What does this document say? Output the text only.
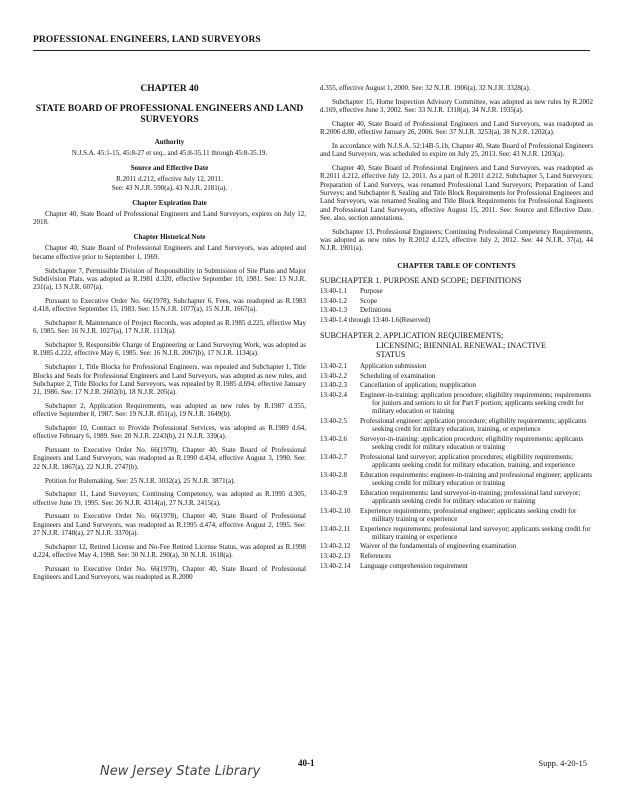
PROFESSIONAL ENGINEERS, LAND SURVEYORS
CHAPTER 40
STATE BOARD OF PROFESSIONAL ENGINEERS AND LAND SURVEYORS
Authority

N.J.S.A. 45:1-15, 45:8-27 et seq., and 45:8-35.11 through 45:8-35.19.

Source and Effective Date

R.2011 d.212, effective July 12, 2011.

See: 43 N.J.R. 590(a), 43 N.J.R. 2181(a).

Chapter Expiration Date

Chapter 40, State Board of Professional Engineers and Land Surveyors, expires on July 12, 2018.

Chapter Historical Note

Chapter 40, State Board of Professional Engineers and Land Surveyors, was adopted and became effective prior to September 1, 1969.

Subchapter 7, Permissible Division of Responsibility in Submission of Site Plans and Major Subdivision Plats, was adopted as R.1981 d.320, effective September 10, 1981. See: 13 N.J.R. 231(a), 13 N.J.R. 607(a).

Pursuant to Executive Order No. 66(1978), Subchapter 6, Fees, was readopted as R.1983 d.418, effective September 15, 1983. See: 15 N.J.R. 1077(a), 15 N.J.R. 1667(a).

Subchapter 8, Maintenance of Project Records, was adopted as R.1985 d.225, effective May 6, 1985. See: 16 N.J.R. 1027(a), 17 N.J.R. 1113(a).

Subchapter 9, Responsible Charge of Engineering or Land Surveying Work, was adopted as R.1985 d.222, effective May 6, 1985. See: 16 N.J.R. 2067(b), 17 N.J.R. 1134(a).

Subchapter 1, Title Blocks for Professional Engineers, was repealed and Subchapter 1, Title Blocks and Seals for Professional Engineers and Land Surveyors, was adopted as new rules, and Subchapter 2, Title Blocks for Land Surveyors, was repealed by R.1985 d.694, effective January 21, 1986. See: 17 N.J.R. 2602(b), 18 N.J.R. 205(a).

Subchapter 2, Application Requirements, was adopted as new rules by R.1987 d.355, effective September 8, 1987. See: 19 N.J.R. 851(a), 19 N.J.R. 1649(b).

Subchapter 10, Contract to Provide Professional Services, was adopted as R.1989 d.64, effective February 6, 1989. See: 20 N.J.R. 2243(b), 21 N.J.R. 339(a).

Pursuant to Executive Order No. 66(1978), Chapter 40, State Board of Professional Engineers and Land Surveyors, was readopted as R.1990 d.434, effective August 3, 1990. See: 22 N.J.R. 1867(a), 22 N.J.R. 2747(b).

Petition for Rulemaking. See: 25 N.J.R. 3032(a), 25 N.J.R. 3871(a).

Subchapter 11, Land Surveyors; Continuing Competency, was adopted as R.1995 d.305, effective June 19, 1995. See: 26 N.J.R. 4314(a), 27 N.J.R. 2415(a).

Pursuant to Executive Order No. 66(1978), Chapter 40, State Board of Professional Engineers and Land Surveyors, was readopted as R.1995 d.474, effective August 2, 1995. See: 27 N.J.R. 1748(a), 27 N.J.R. 3370(a).

Subchapter 12, Retired License and No-Fee Retired License Status, was adopted as R.1998 d.224, effective May 4, 1998. See: 30 N.J.R. 290(a), 30 N.J.R. 1618(a).

Pursuant to Executive Order No. 66(1978), Chapter 40, State Board of Professional Engineers and Land Surveyors, was readopted as R.2000

d.355, effective August 1, 2000. See: 32 N.J.R. 1906(a), 32 N.J.R. 3328(a).

Subchapter 15, Home Inspection Advisory Committee, was adopted as new rules by R.2002 d.169, effective June 3, 2002. See: 33 N.J.R. 1318(a), 34 N.J.R. 1935(a).

Chapter 40, State Board of Professional Engineers and Land Surveyors, was readopted as R.2006 d.80, effective January 26, 2006. See: 37 N.J.R. 3253(a), 38 N.J.R. 1202(a).

In accordance with N.J.S.A. 52:14B-5.1b, Chapter 40, State Board of Professional Engineers and Land Surveyors, was scheduled to expire on July 25, 2013. See: 43 N.J.R. 1203(a).

Chapter 40, State Board of Professional Engineers and Land Surveyors, was readopted as R.2011 d.212, effective July 12, 2011. As a part of R.2011 d.212, Subchapter 5, Land Surveyors; Preparation of Land Surveys, was renamed Professional Land Surveyors; Preparation of Land Surveys; and Subchapter 8, Sealing and Title Block Requirements for Professional Engineers and Land Surveyors, was renamed Sealing and Title Block Requirements for Professional Engineers and Professional Land Surveyors, effective August 15, 2011. See: Source and Effective Date. See, also, section annotations.

Subchapter 13, Professional Engineers; Continuing Professional Competency Requirements, was adopted as new rules by R.2012 d.123, effective July 2, 2012. See: 44 N.J.R. 37(a), 44 N.J.R. 1901(a).

CHAPTER TABLE OF CONTENTS
SUBCHAPTER 1. PURPOSE AND SCOPE; DEFINITIONS
13:40-1.1	Purpose
13:40-1.2	Scope
13:40-1.3	Definitions
13:40-1.4 through 13:40-1.6 (Reserved)
SUBCHAPTER 2. APPLICATION REQUIREMENTS;
LICENSING; BIENNIAL RENEWAL; INACTIVE
STATUS
13:40-2.1	Application submission
13:40-2.2	Scheduling of examination
13:40-2.3	Cancellation of application; reapplication
13:40-2.4	Engineer-in-training: application procedure; eligibility requirements; requirements for juniors and seniors to sit for Part F portion; applicants seeking credit for military education or training
13:40-2.5	Professional engineer: application procedure; eligibility requirements; applicants seeking credit for military education, training, or experience
13:40-2.6	Surveyor-in-training: application procedure; eligibility requirements; applicants seeking credit for military education or training
13:40-2.7	Professional land surveyor; application procedures; eligibility requirements; applicants seeking credit for military education, training, and experience
13:40-2.8	Education requirements: engineer-in-training and professional engineer; applicants seeking credit for military education or training
13:40-2.9	Education requirements: land surveyor-in-training; professional land surveyor; applicants seeking credit for military education or training
13:40-2.10	Experience requirements; professional engineer; applicants seeking credit for military training or experience
13:40-2.11	Experience requirements; professional land surveyor; applicants seeking credit for military training or experience
13:40-2.12	Waiver of the fundamentals of engineering examination
13:40-2.13	References
13:40-2.14	Language comprehension requirement
New Jersey State Library
40-1	Supp. 4-20-15
